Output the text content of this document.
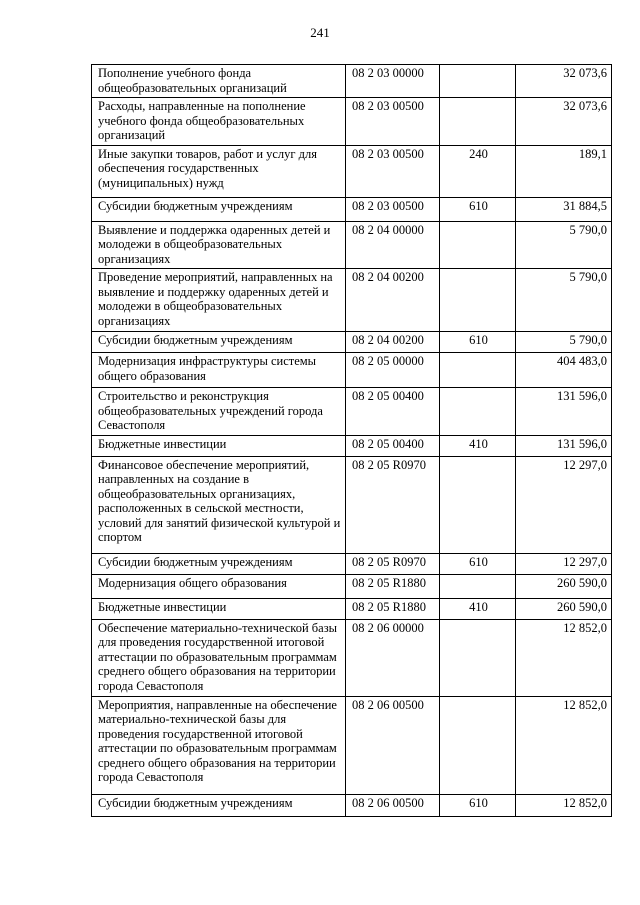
241
Пополнение учебного фонда общеобразовательных организаций	08 2 03 00000		32 073,6
Расходы, направленные на пополнение учебного фонда общеобразовательных организаций	08 2 03 00500		32 073,6
Иные закупки товаров, работ и услуг для обеспечения государственных (муниципальных) нужд	08 2 03 00500	240	189,1
Субсидии бюджетным учреждениям	08 2 03 00500	610	31 884,5
Выявление и поддержка одаренных детей и молодежи в общеобразовательных организациях	08 2 04 00000		5 790,0
Проведение мероприятий, направленных на выявление и поддержку одаренных детей и молодежи в общеобразовательных организациях	08 2 04 00200		5 790,0
Субсидии бюджетным учреждениям	08 2 04 00200	610	5 790,0
Модернизация инфраструктуры системы общего образования	08 2 05 00000		404 483,0
Строительство и реконструкция общеобразовательных учреждений города Севастополя	08 2 05 00400		131 596,0
Бюджетные инвестиции	08 2 05 00400	410	131 596,0
Финансовое обеспечение мероприятий, направленных на создание в общеобразовательных организациях, расположенных в сельской местности, условий для занятий физической культурой и спортом	08 2 05 R0970		12 297,0
Субсидии бюджетным учреждениям	08 2 05 R0970	610	12 297,0
Модернизация общего образования	08 2 05 R1880		260 590,0
Бюджетные инвестиции	08 2 05 R1880	410	260 590,0
Обеспечение материально-технической базы для проведения государственной итоговой аттестации по образовательным программам среднего общего образования на территории города Севастополя	08 2 06 00000		12 852,0
Мероприятия, направленные на обеспечение материально-технической базы для проведения государственной итоговой аттестации по образовательным программам среднего общего образования на территории города Севастополя	08 2 06 00500		12 852,0
Субсидии бюджетным учреждениям	08 2 06 00500	610	12 852,0
